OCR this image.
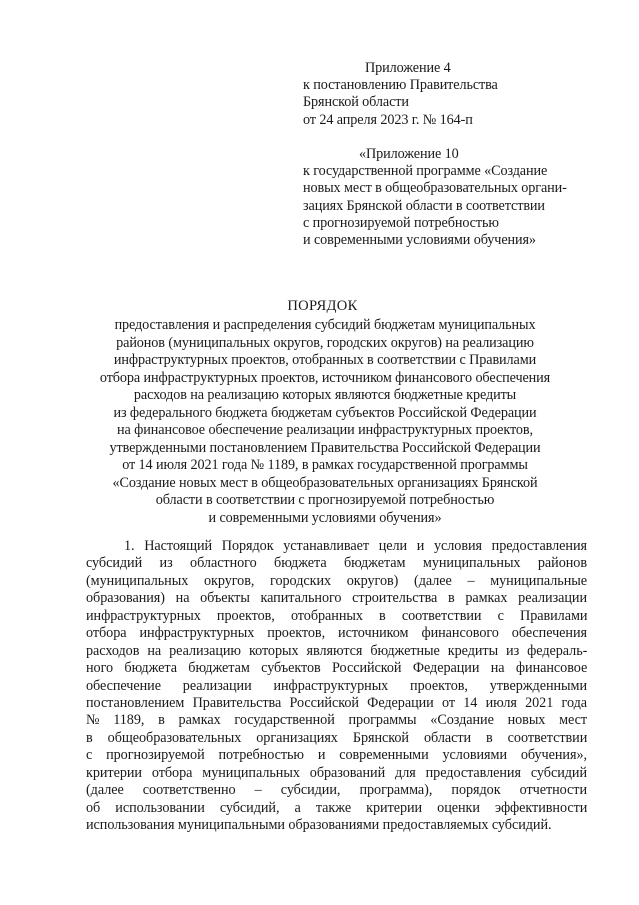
Приложение 4
к постановлению Правительства
Брянской области
от 24 апреля 2023 г. № 164-п
«Приложение 10
к государственной программе «Создание
новых мест в общеобразовательных органи-
зациях Брянской области в соответствии
с прогнозируемой потребностью
и современными условиями обучения»
ПОРЯДОК
предоставления и распределения субсидий бюджетам муниципальных
районов (муниципальных округов, городских округов) на реализацию
инфраструктурных проектов, отобранных в соответствии с Правилами
отбора инфраструктурных проектов, источником финансового обеспечения
расходов на реализацию которых являются бюджетные кредиты
из федерального бюджета бюджетам субъектов Российской Федерации
на финансовое обеспечение реализации инфраструктурных проектов,
утвержденными постановлением Правительства Российской Федерации
от 14 июля 2021 года № 1189, в рамках государственной программы
«Создание новых мест в общеобразовательных организациях Брянской
области в соответствии с прогнозируемой потребностью
и современными условиями обучения»
1. Настоящий Порядок устанавливает цели и условия предоставления
субсидий из областного бюджета бюджетам муниципальных районов
(муниципальных округов, городских округов) (далее – муниципальные
образования) на объекты капитального строительства в рамках реализации
инфраструктурных проектов, отобранных в соответствии с Правилами
отбора инфраструктурных проектов, источником финансового обеспечения
расходов на реализацию которых являются бюджетные кредиты из федераль-
ного бюджета бюджетам субъектов Российской Федерации на финансовое
обеспечение реализации инфраструктурных проектов, утвержденными
постановлением Правительства Российской Федерации от 14 июля 2021 года
№ 1189, в рамках государственной программы «Создание новых мест
в общеобразовательных организациях Брянской области в соответствии
с прогнозируемой потребностью и современными условиями обучения»,
критерии отбора муниципальных образований для предоставления субсидий
(далее соответственно – субсидии, программа), порядок отчетности
об использовании субсидий, а также критерии оценки эффективности
использования муниципальными образованиями предоставляемых субсидий.
